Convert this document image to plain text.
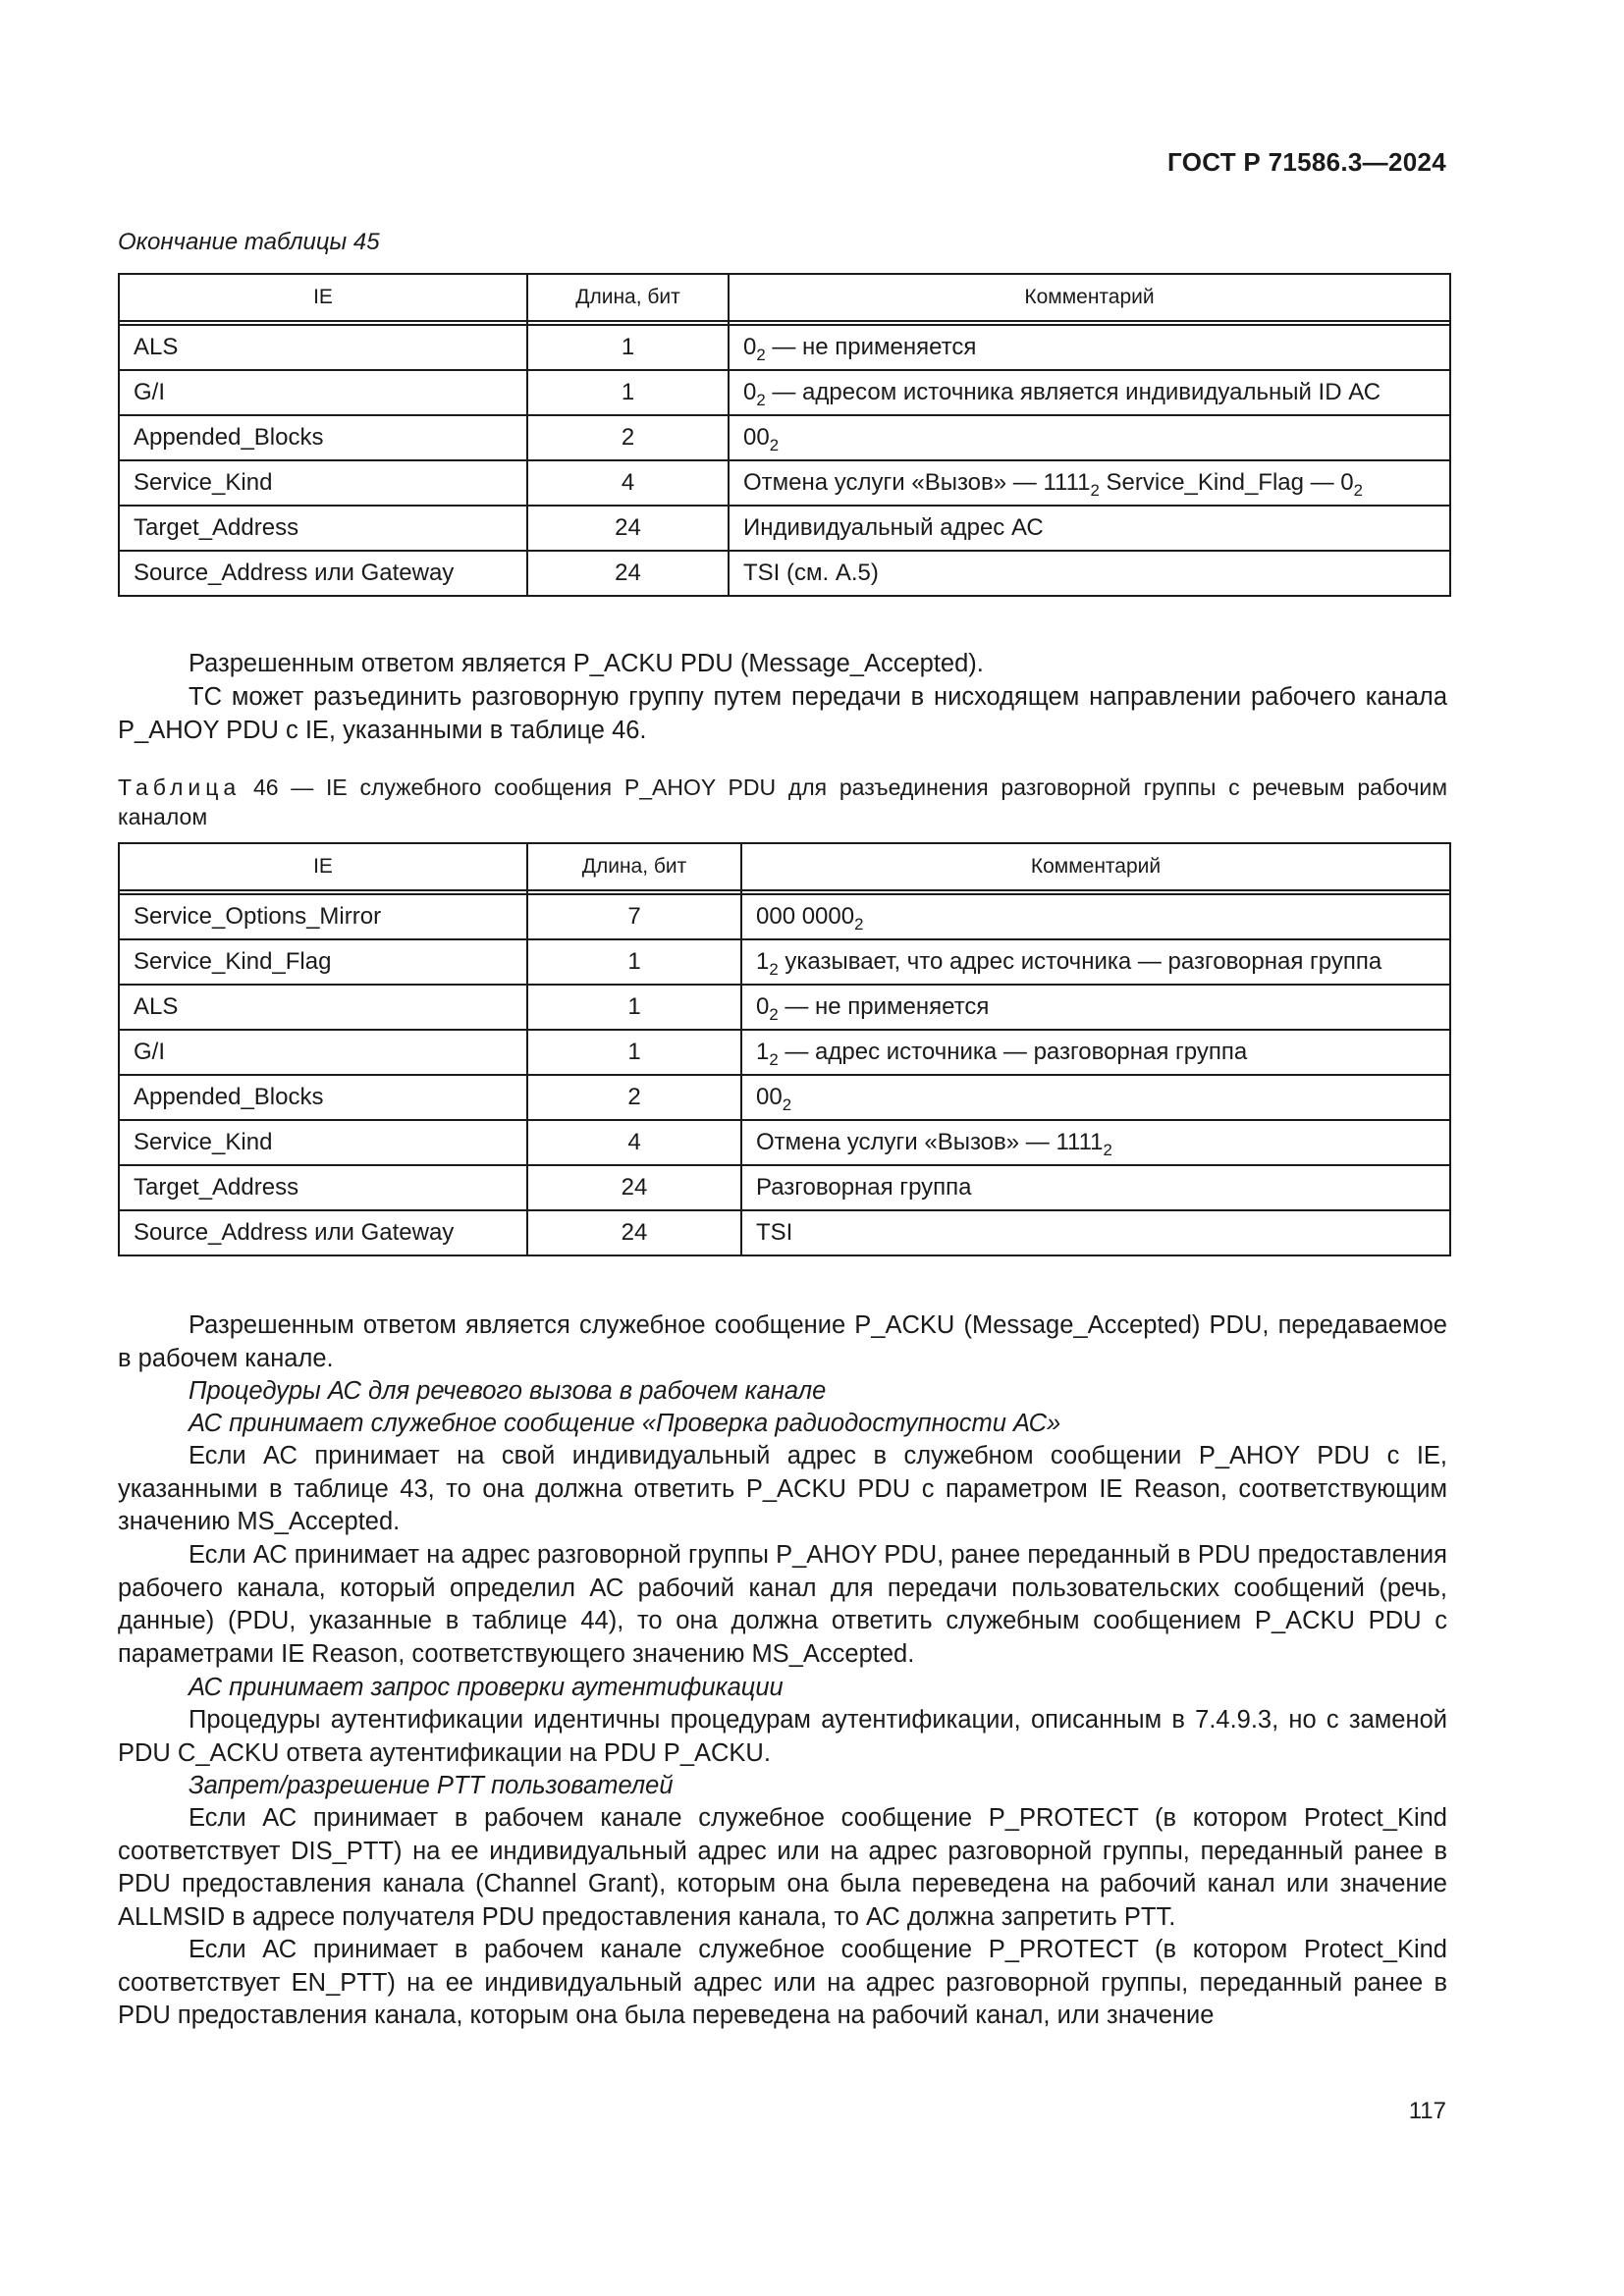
ГОСТ Р 71586.3—2024
Окончание таблицы 45
IE	Длина, бит	Комментарий

ALS	1	$0_2$ — не применяется
G/I	1	$0_2$ — адресом источника является индивидуальный ID АС
Appended_Blocks	2	$00_2$
Service_Kind	4	Отмена услуги «Вызов» — $1111_2$ Service_Kind_Flag — $0_2$
Target_Address	24	Индивидуальный адрес АС
Source_Address или Gateway	24	TSI (см. А.5)
Разрешенным ответом является P_ACKU PDU (Message_Accepted).
ТС может разъединить разговорную группу путем передачи в нисходящем направлении рабочего канала P_AHOY PDU с IE, указанными в таблице 46.
Таблица 46 — IE служебного сообщения P_AHOY PDU для разъединения разговорной группы с речевым рабочим каналом
IE	Длина, бит	Комментарий

Service_Options_Mirror	7	000 $0000_2$
Service_Kind_Flag	1	$1_2$ указывает, что адрес источника — разговорная группа
ALS	1	$0_2$ — не применяется
G/I	1	$1_2$ — адрес источника — разговорная группа
Appended_Blocks	2	$00_2$
Service_Kind	4	Отмена услуги «Вызов» — $1111_2$
Target_Address	24	Разговорная группа
Source_Address или Gateway	24	TSI
Разрешенным ответом является служебное сообщение P_ACKU (Message_Accepted) PDU, передаваемое в рабочем канале.
Процедуры АС для речевого вызова в рабочем канале
АС принимает служебное сообщение «Проверка радиодоступности АС»
Если АС принимает на свой индивидуальный адрес в служебном сообщении P_AHOY PDU с IE, указанными в таблице 43, то она должна ответить P_ACKU PDU с параметром IE Reason, соответствующим значению MS_Accepted.
Если АС принимает на адрес разговорной группы P_AHOY PDU, ранее переданный в PDU предоставления рабочего канала, который определил АС рабочий канал для передачи пользовательских сообщений (речь, данные) (PDU, указанные в таблице 44), то она должна ответить служебным сообщением P_ACKU PDU с параметрами IE Reason, соответствующего значению MS_Accepted.
АС принимает запрос проверки аутентификации
Процедуры аутентификации идентичны процедурам аутентификации, описанным в 7.4.9.3, но с заменой PDU C_ACKU ответа аутентификации на PDU P_ACKU.
Запрет/разрешение PTT пользователей
Если АС принимает в рабочем канале служебное сообщение P_PROTECT (в котором Protect_Kind соответствует DIS_PTT) на ее индивидуальный адрес или на адрес разговорной группы, переданный ранее в PDU предоставления канала (Channel Grant), которым она была переведена на рабочий канал или значение ALLMSID в адресе получателя PDU предоставления канала, то АС должна запретить PTT.
Если АС принимает в рабочем канале служебное сообщение P_PROTECT (в котором Protect_Kind соответствует EN_PTT) на ее индивидуальный адрес или на адрес разговорной группы, переданный ранее в PDU предоставления канала, которым она была переведена на рабочий канал, или значение
117
